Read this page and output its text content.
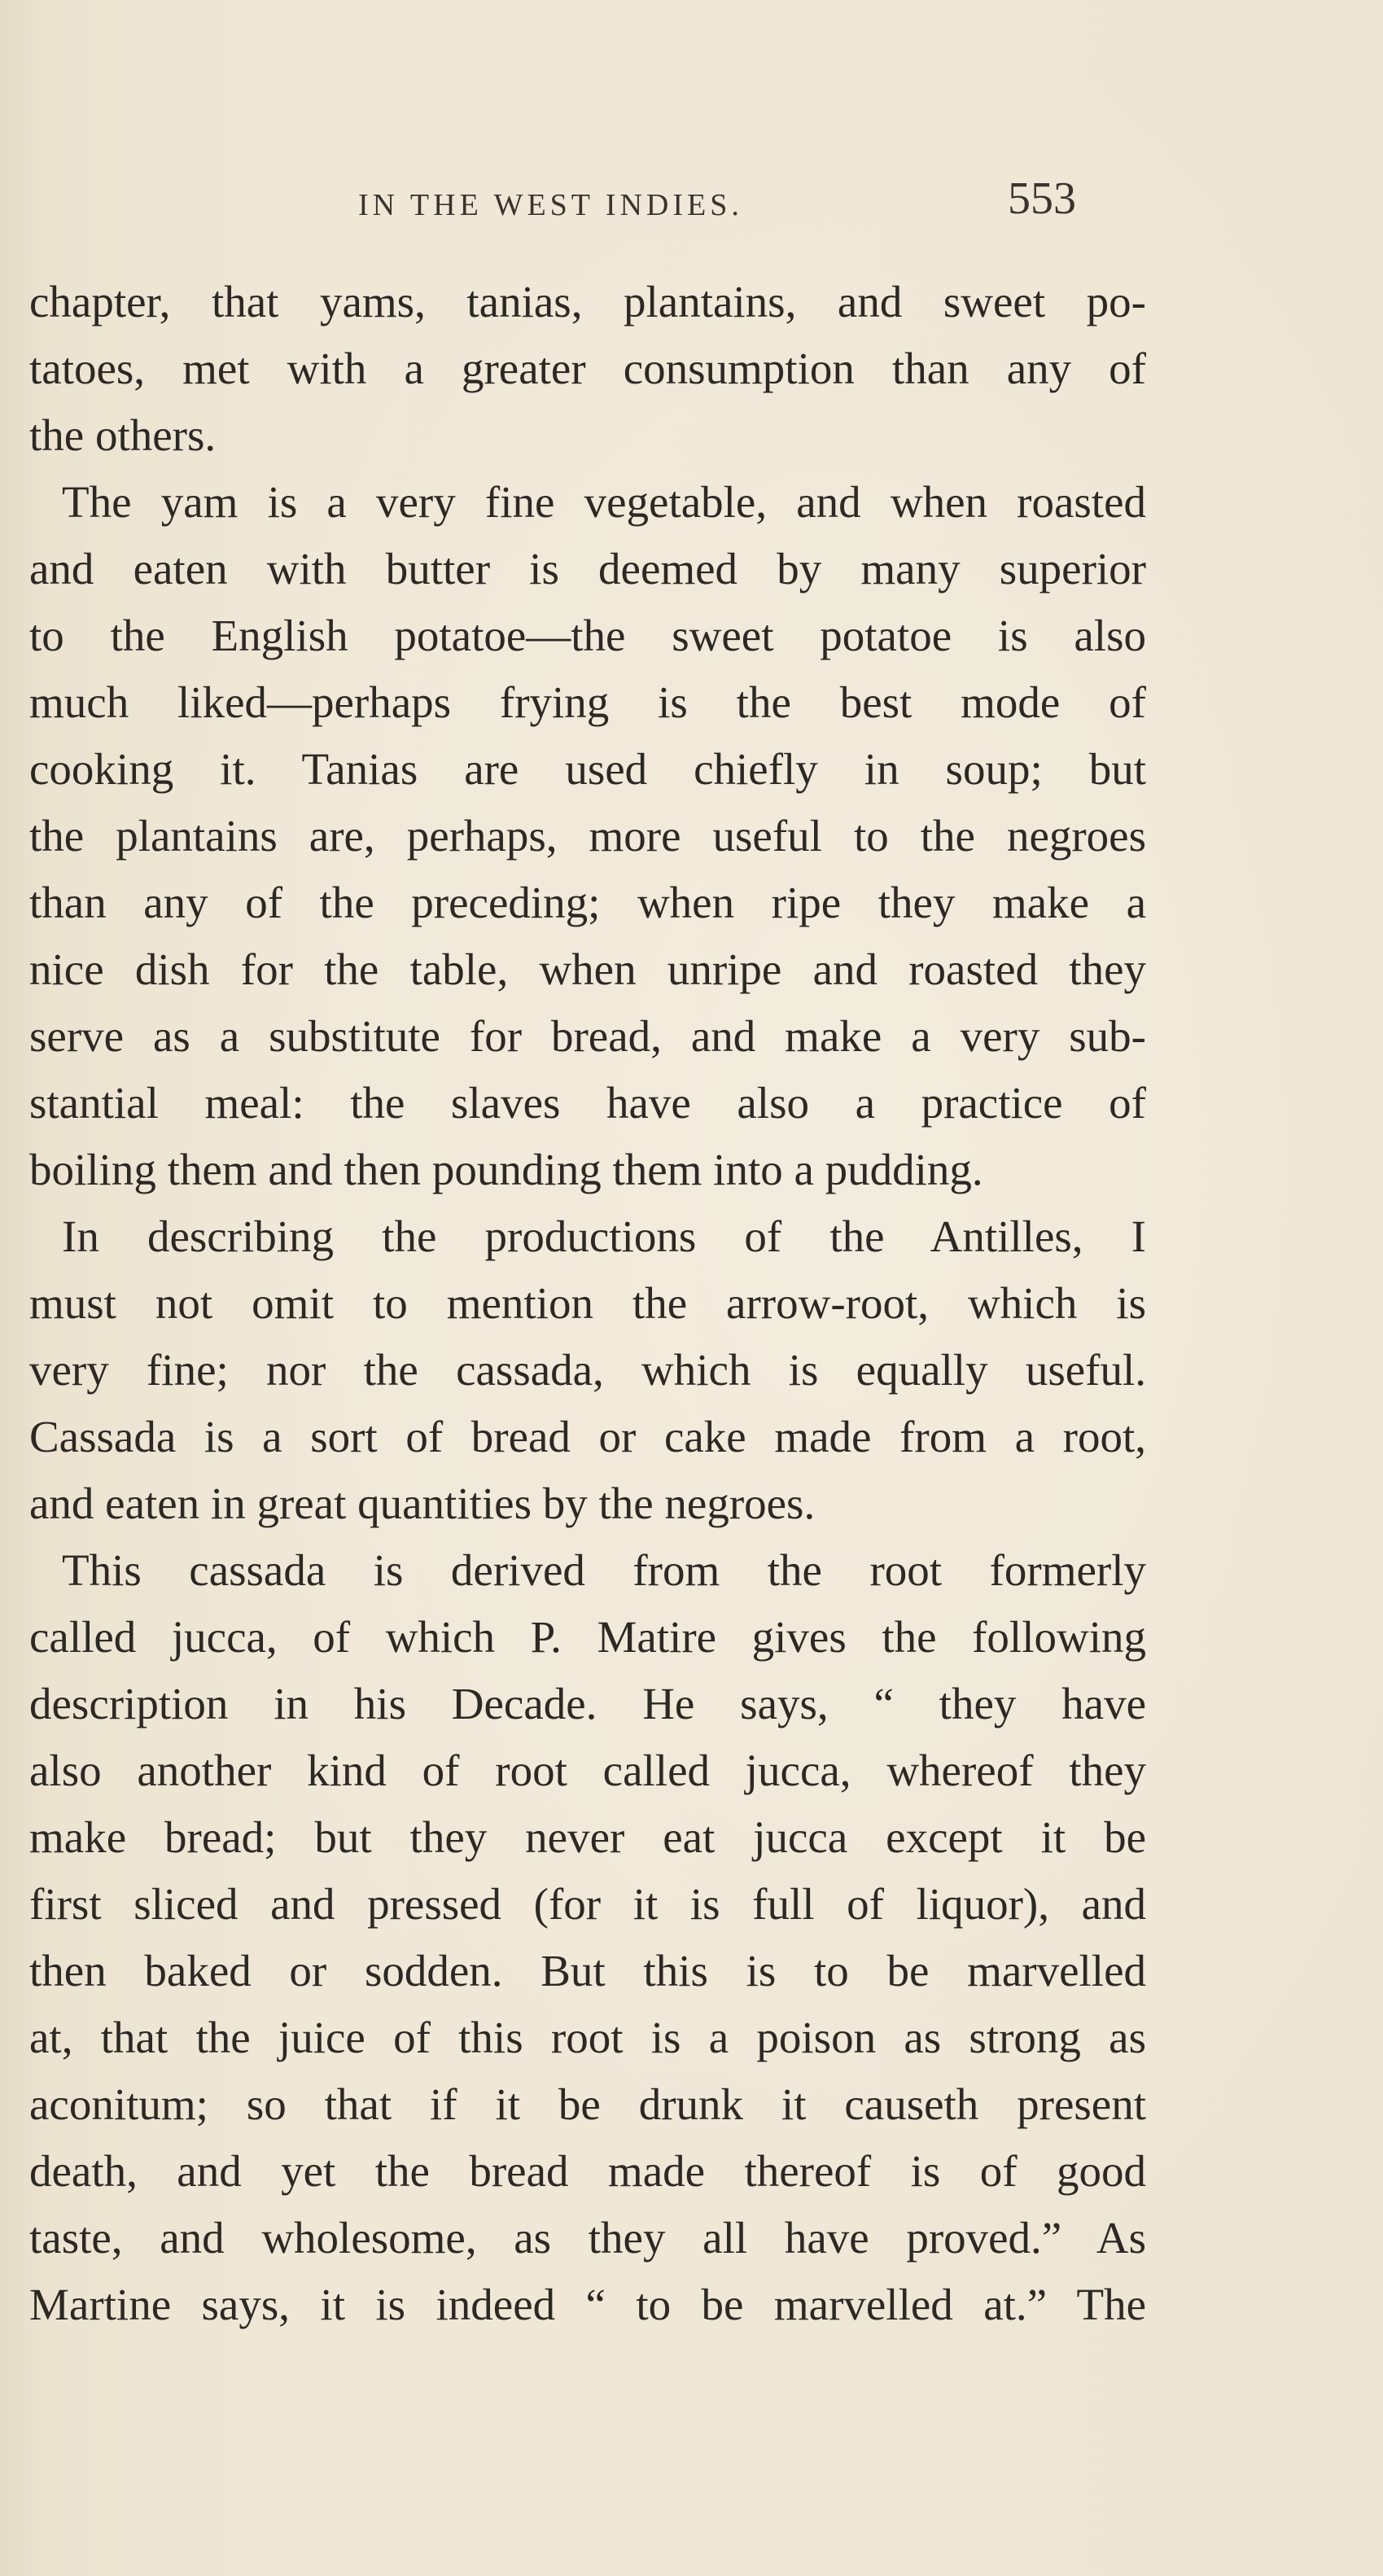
IN THE WEST INDIES.	553
chapter, that yams, tanias, plantains, and sweet po-
tatoes, met with a greater consumption than any of
the others.
The yam is a very fine vegetable, and when roasted
and eaten with butter is deemed by many superior
to the English potatoe—the sweet potatoe is also
much liked—perhaps frying is the best mode of
cooking it. Tanias are used chiefly in soup; but
the plantains are, perhaps, more useful to the negroes
than any of the preceding; when ripe they make a
nice dish for the table, when unripe and roasted they
serve as a substitute for bread, and make a very sub-
stantial meal: the slaves have also a practice of
boiling them and then pounding them into a pudding.
In describing the productions of the Antilles, I
must not omit to mention the arrow-root, which is
very fine; nor the cassada, which is equally useful.
Cassada is a sort of bread or cake made from a root,
and eaten in great quantities by the negroes.
This cassada is derived from the root formerly
called jucca, of which P. Matire gives the following
description in his Decade. He says, “ they have
also another kind of root called jucca, whereof they
make bread; but they never eat jucca except it be
first sliced and pressed (for it is full of liquor), and
then baked or sodden. But this is to be marvelled
at, that the juice of this root is a poison as strong as
aconitum; so that if it be drunk it causeth present
death, and yet the bread made thereof is of good
taste, and wholesome, as they all have proved.” As
Martine says, it is indeed “ to be marvelled at.” The
